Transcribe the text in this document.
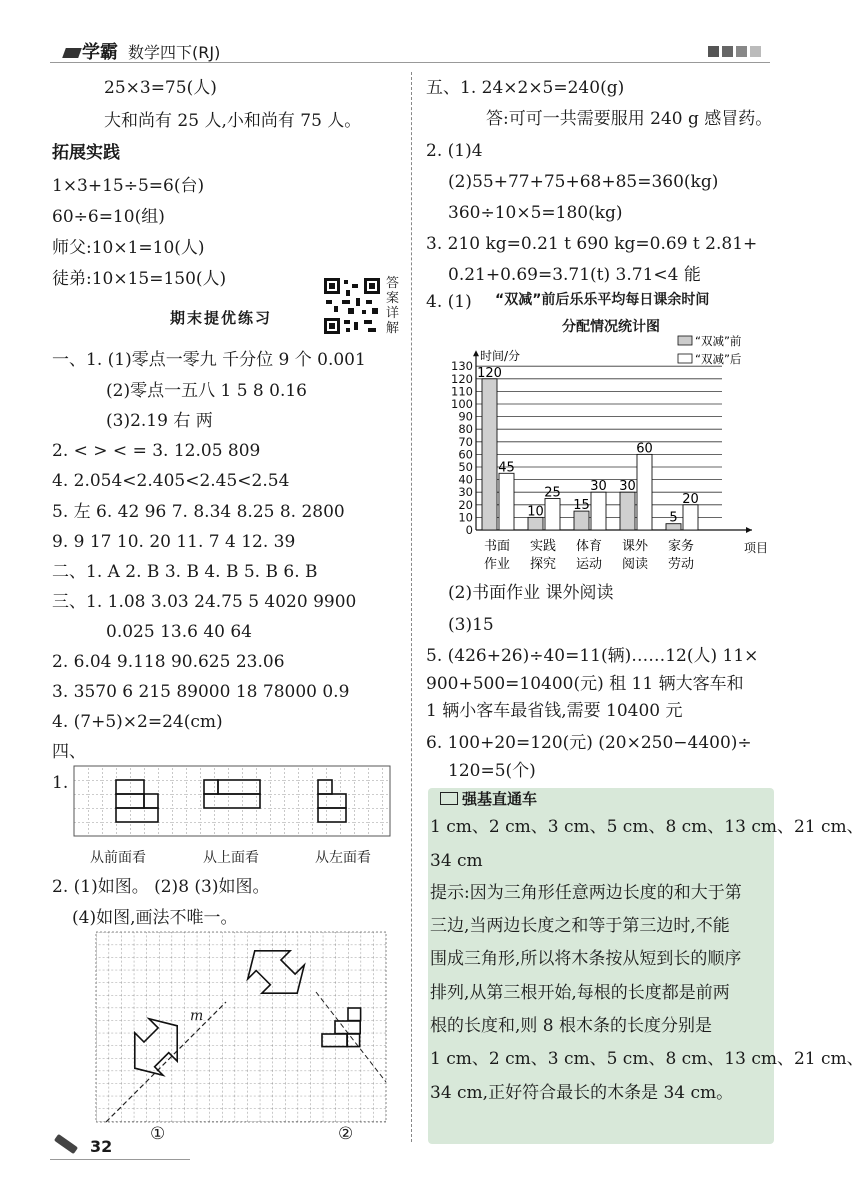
学霸 数学四下(RJ)
25×3=75(人)
大和尚有 25 人,小和尚有 75 人。
拓展实践
1×3+15÷5=6(台)
60÷6=10(组)
师父:10×1=10(人)
徒弟:10×15=150(人)	答案详解
期末提优练习
一、1. (1)零点一零九 千分位 9 个 0.001
(2)零点一五八 1 5 8 0.16
(3)2.19 右 两
2. < > < = 3. 12.05 809
4. 2.054<2.405<2.45<2.54
5. 左 6. 42 96 7. 8.34 8.25 8. 2800
9. 9 17 10. 20 11. 7 4 12. 39
二、1. A 2. B 3. B 4. B 5. B 6. B
三、1. 1.08 3.03 24.75 5 4020 9900
0.025 13.6 40 64
2. 6.04 9.118 90.625 23.06
3. 3570 6 215 89000 18 78000 0.9
4. (7+5)×2=24(cm)
四、
1.
从前面看	从上面看	从左面看
2. (1)如图。 (2)8 (3)如图。
(4)如图,画法不唯一。
m
①	②
32
五、1. 24×2×5=240(g)
答:可可一共需要服用 240 g 感冒药。
2. (1)4
(2)55+77+75+68+85=360(kg)
360÷10×5=180(kg)
3. 210 kg=0.21 t 690 kg=0.69 t 2.81+
0.21+0.69=3.71(t) 3.71<4 能
4. (1) “双减”前后乐乐平均每日课余时间
分配情况统计图
0
10
20
30
40
50
60
70
80
90
100
110
120
130
时间/分
项目
“双减”前
“双减”后
120
45
书面
作业
10
25
实践
探究
15
30
体育
运动
30
60
课外
阅读
5
20
家务
劳动
(2)书面作业 课外阅读
(3)15
5. (426+26)÷40=11(辆)……12(人) 11×
900+500=10400(元) 租 11 辆大客车和
1 辆小客车最省钱,需要 10400 元
6. 100+20=120(元) (20×250−4400)÷
120=5(个)
强基直通车
1 cm、2 cm、3 cm、5 cm、8 cm、13 cm、21 cm、
34 cm
提示:因为三角形任意两边长度的和大于第
三边,当两边长度之和等于第三边时,不能
围成三角形,所以将木条按从短到长的顺序
排列,从第三根开始,每根的长度都是前两
根的长度和,则 8 根木条的长度分别是
1 cm、2 cm、3 cm、5 cm、8 cm、13 cm、21 cm、
34 cm,正好符合最长的木条是 34 cm。
